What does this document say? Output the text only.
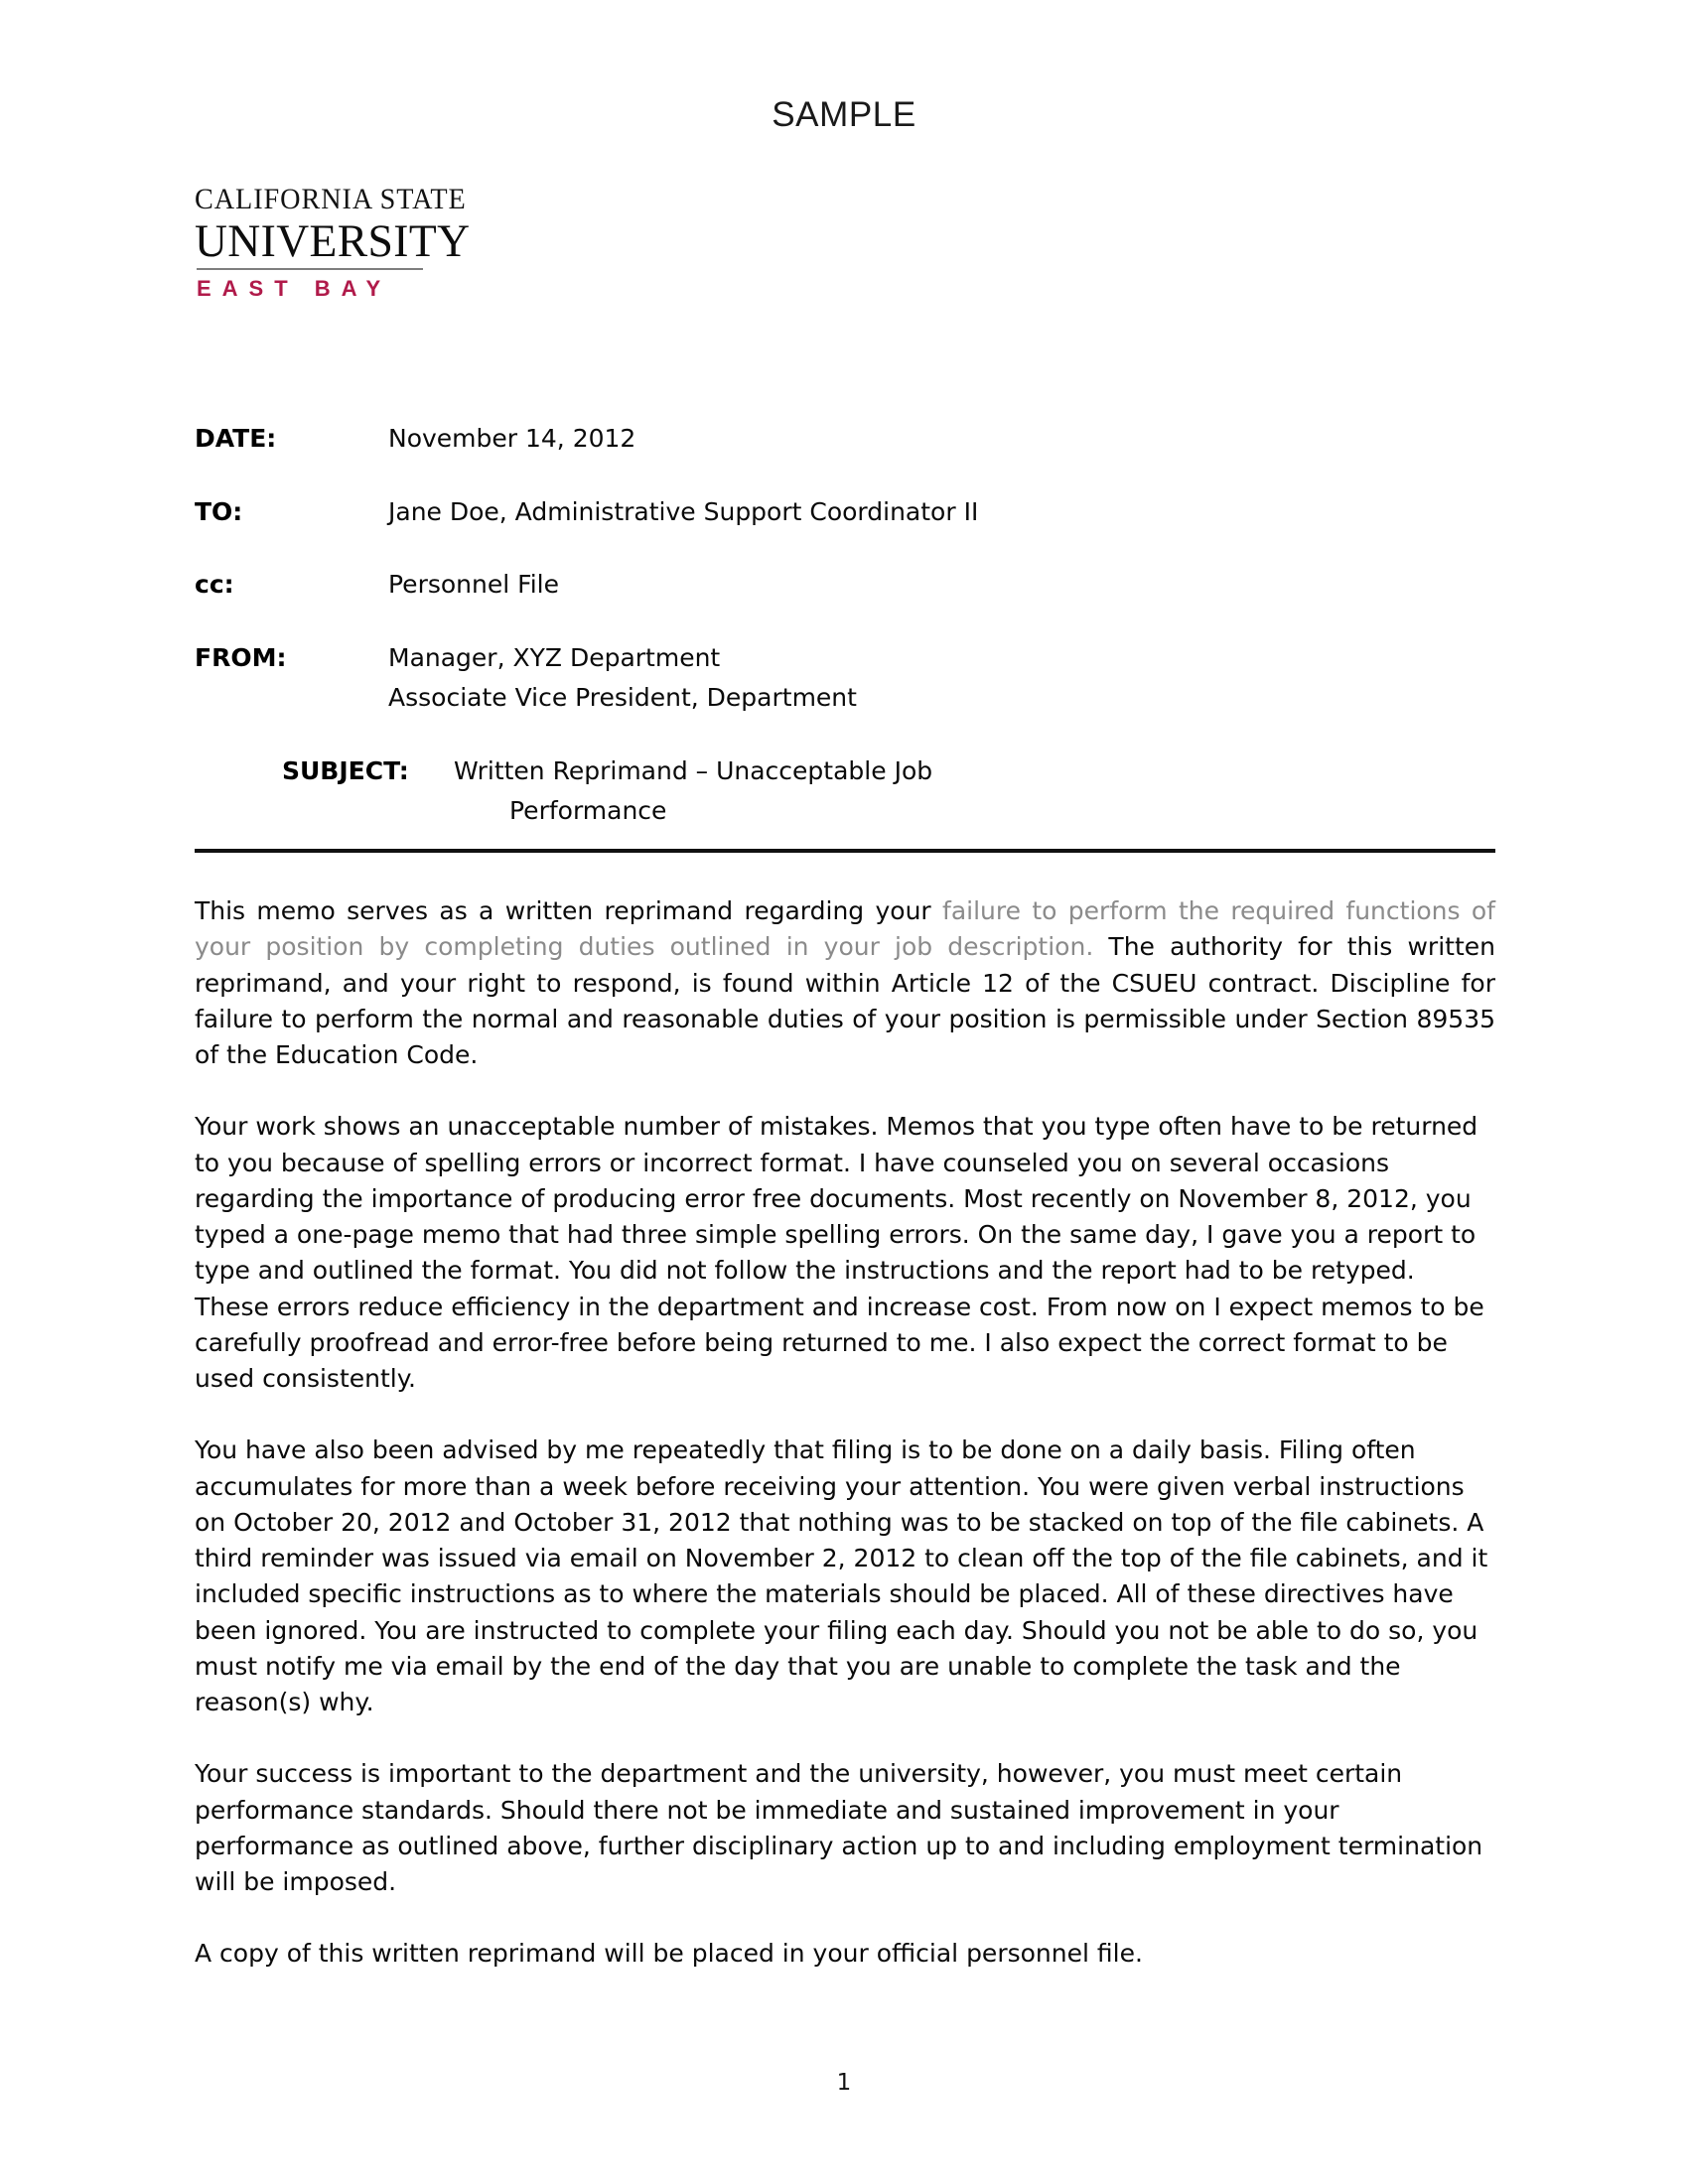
SAMPLE
CALIFORNIA STATE
UNIVERSITY
EAST BAY
DATE:	November 14, 2012
TO:	Jane Doe, Administrative Support Coordinator II
cc:	Personnel File
FROM:	Manager, XYZ Department
Associate Vice President, Department
SUBJECT:	Written Reprimand – Unacceptable Job
Performance

This memo serves as a written reprimand regarding your failure to perform the required functions of your position by completing duties outlined in your job description. The authority for this written reprimand, and your right to respond, is found within Article 12 of the CSUEU contract. Discipline for failure to perform the normal and reasonable duties of your position is permissible under Section 89535 of the Education Code.

Your work shows an unacceptable number of mistakes. Memos that you type often have to be returned to you because of spelling errors or incorrect format. I have counseled you on several occasions regarding the importance of producing error free documents. Most recently on November 8, 2012, you typed a one-page memo that had three simple spelling errors. On the same day, I gave you a report to type and outlined the format. You did not follow the instructions and the report had to be retyped. These errors reduce efficiency in the department and increase cost. From now on I expect memos to be carefully proofread and error-free before being returned to me. I also expect the correct format to be used consistently.

You have also been advised by me repeatedly that filing is to be done on a daily basis. Filing often accumulates for more than a week before receiving your attention. You were given verbal instructions on October 20, 2012 and October 31, 2012 that nothing was to be stacked on top of the file cabinets. A third reminder was issued via email on November 2, 2012 to clean off the top of the file cabinets, and it included specific instructions as to where the materials should be placed. All of these directives have been ignored. You are instructed to complete your filing each day. Should you not be able to do so, you must notify me via email by the end of the day that you are unable to complete the task and the reason(s) why.

Your success is important to the department and the university, however, you must meet certain performance standards. Should there not be immediate and sustained improvement in your performance as outlined above, further disciplinary action up to and including employment termination will be imposed.

A copy of this written reprimand will be placed in your official personnel file.

1
